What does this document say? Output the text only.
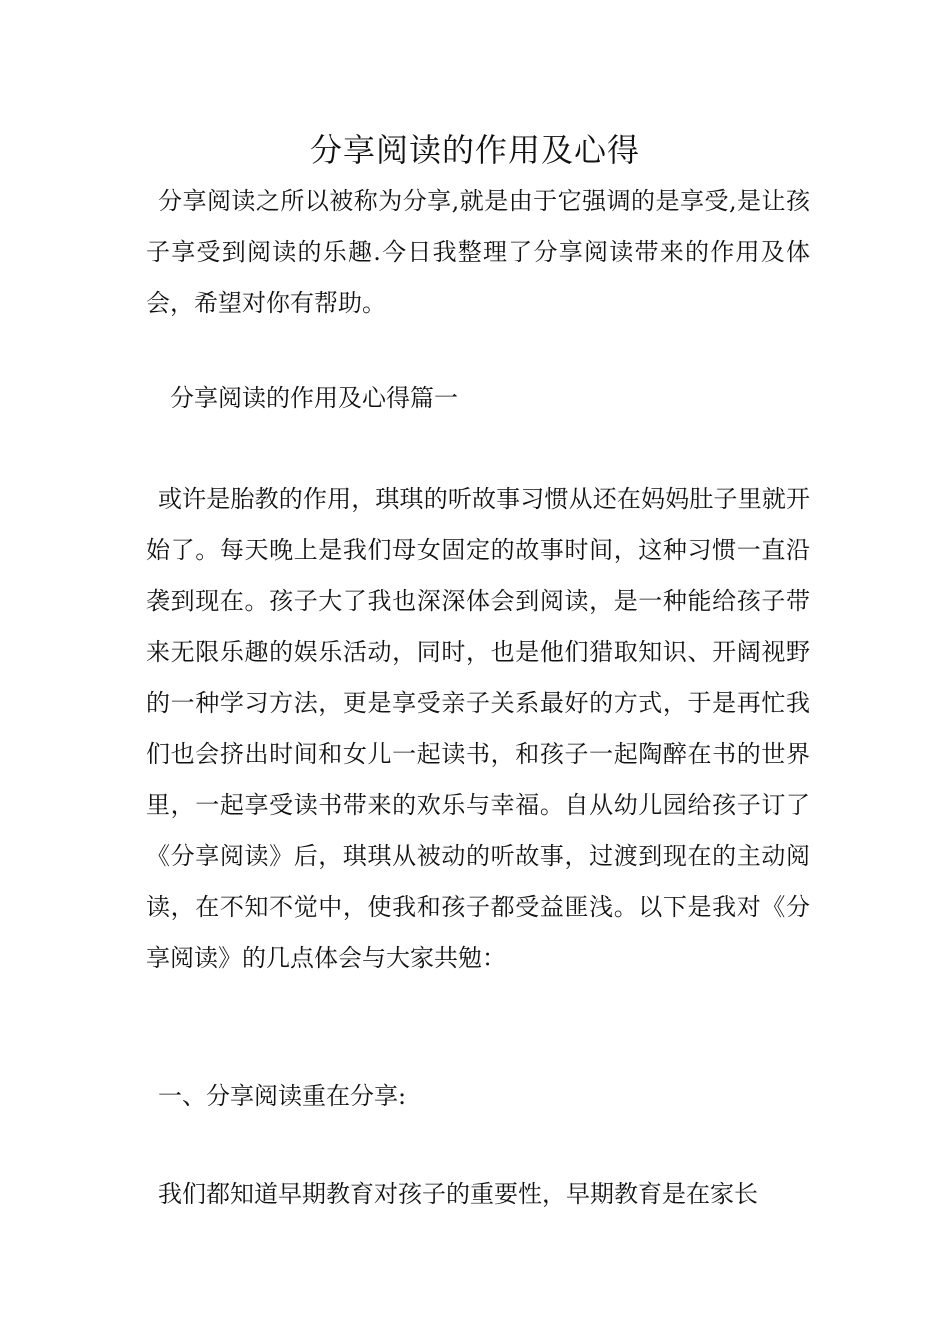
分享阅读的作用及心得

分享阅读之所以被称为分享,就是由于它强调的是享受,是让孩子享受到阅读的乐趣.今日我整理了分享阅读带来的作用及体会，希望对你有帮助。

分享阅读的作用及心得篇一

或许是胎教的作用，琪琪的听故事习惯从还在妈妈肚子里就开始了。每天晚上是我们母女固定的故事时间，这种习惯一直沿袭到现在。孩子大了我也深深体会到阅读，是一种能给孩子带来无限乐趣的娱乐活动，同时，也是他们猎取知识、开阔视野的一种学习方法，更是享受亲子关系最好的方式，于是再忙我们也会挤出时间和女儿一起读书，和孩子一起陶醉在书的世界里，一起享受读书带来的欢乐与幸福。自从幼儿园给孩子订了《分享阅读》后，琪琪从被动的听故事，过渡到现在的主动阅读，在不知不觉中，使我和孩子都受益匪浅。以下是我对《分享阅读》的几点体会与大家共勉：

一、分享阅读重在分享:

我们都知道早期教育对孩子的重要性，早期教育是在家长
